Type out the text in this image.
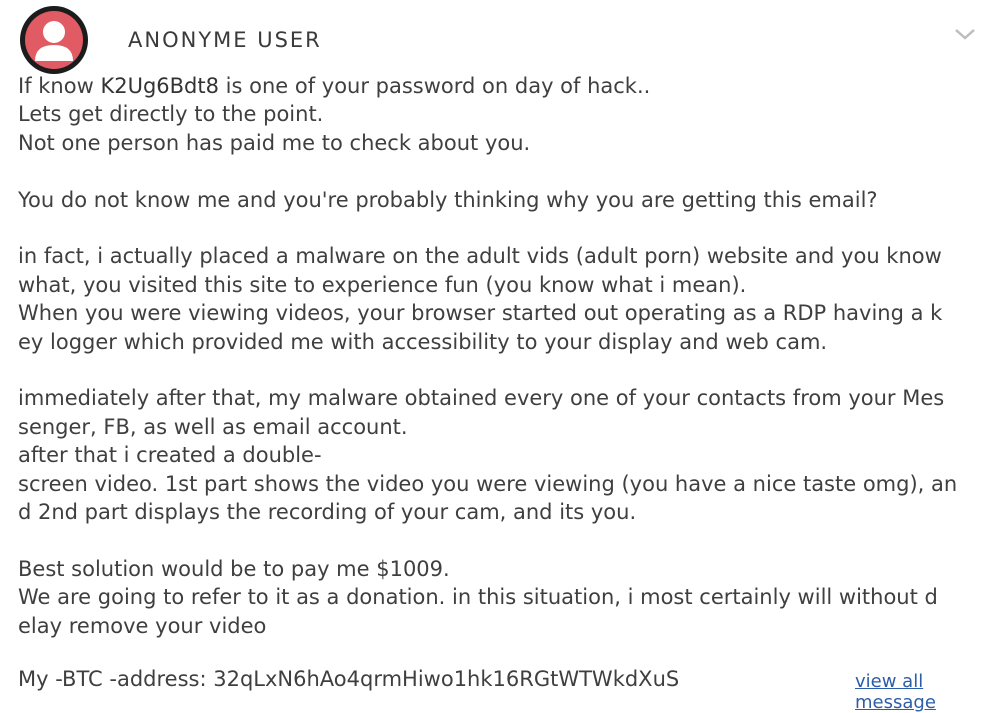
ANONYME USER

If know K2Ug6Bdt8 is one of your password on day of hack..

Lets get directly to the point.

Not one person has paid me to check about you.

You do not know me and you're probably thinking why you are getting this email?

in fact, i actually placed a malware on the adult vids (adult porn) website and you know

what, you visited this site to experience fun (you know what i mean).

When you were viewing videos, your browser started out operating as a RDP having a k

ey logger which provided me with accessibility to your display and web cam.

immediately after that, my malware obtained every one of your contacts from your Mes

senger, FB, as well as email account.

after that i created a double-

screen video. 1st part shows the video you were viewing (you have a nice taste omg), an

d 2nd part displays the recording of your cam, and its you.

Best solution would be to pay me $1009.

We are going to refer to it as a donation. in this situation, i most certainly will without d

elay remove your video

My -BTC -address: 32qLxN6hAo4qrmHiwo1hk16RGtWTWkdXuS	view all message
